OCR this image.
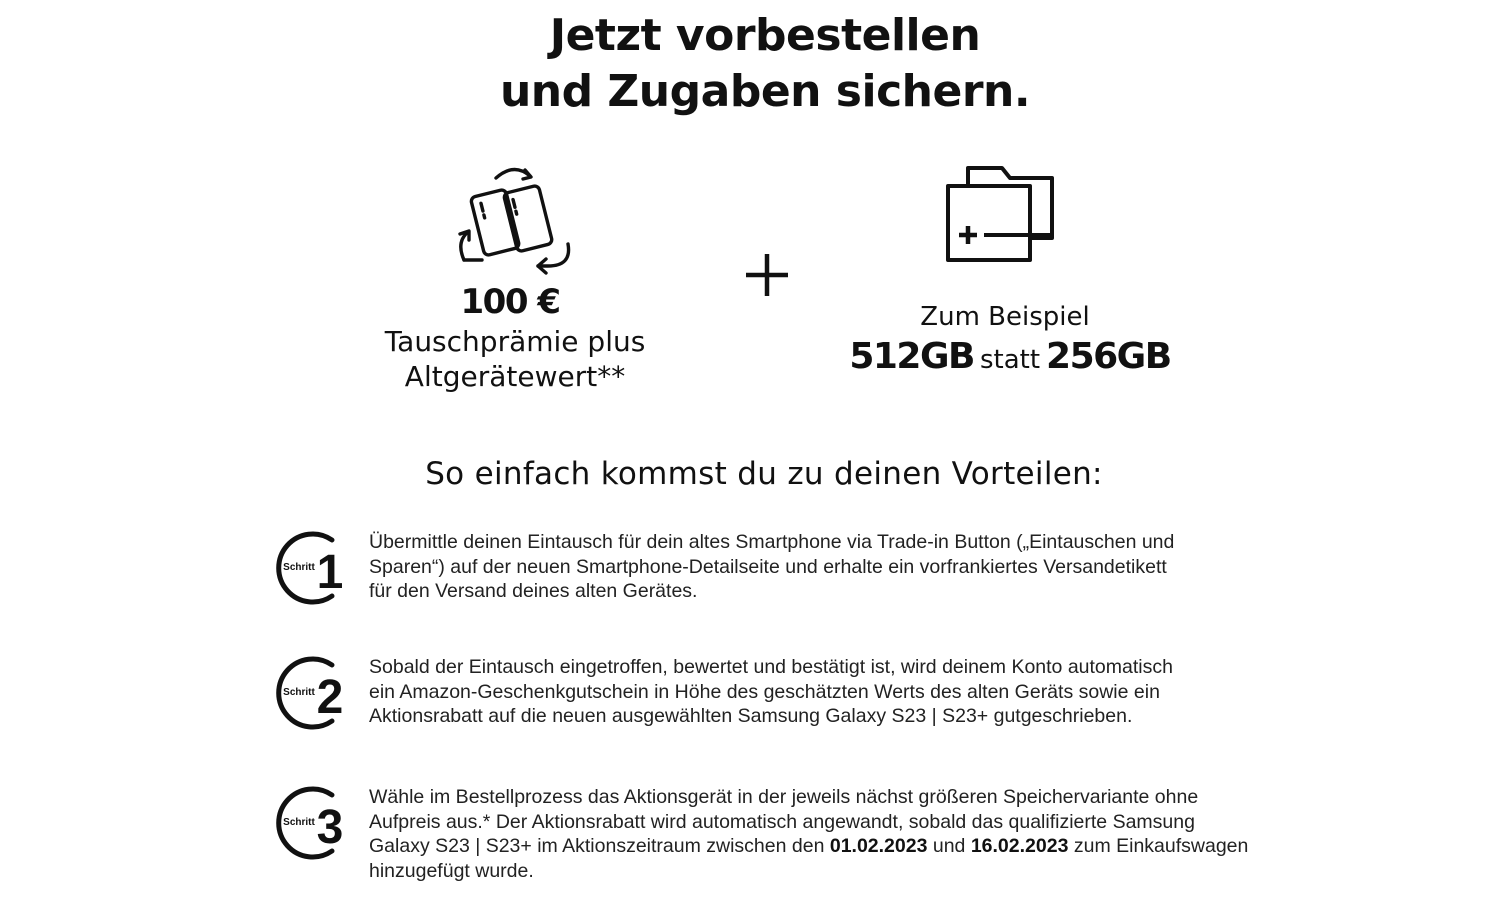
Jetzt vorbestellen
und Zugaben sichern.
100 €
Tauschprämie plus
Altgerätewert**
Zum Beispiel
512GB statt 256GB
So einfach kommst du zu deinen Vorteilen:
Schritt 1
Übermittle deinen Eintausch für dein altes Smartphone via Trade-in Button („Eintauschen und
Sparen“) auf der neuen Smartphone-Detailseite und erhalte ein vorfrankiertes Versandetikett
für den Versand deines alten Gerätes.
Schritt 2
Sobald der Eintausch eingetroffen, bewertet und bestätigt ist, wird deinem Konto automatisch
ein Amazon-Geschenkgutschein in Höhe des geschätzten Werts des alten Geräts sowie ein
Aktionsrabatt auf die neuen ausgewählten Samsung Galaxy S23 | S23+ gutgeschrieben.
Schritt 3
Wähle im Bestellprozess das Aktionsgerät in der jeweils nächst größeren Speichervariante ohne
Aufpreis aus.* Der Aktionsrabatt wird automatisch angewandt, sobald das qualifizierte Samsung
Galaxy S23 | S23+ im Aktionszeitraum zwischen den 01.02.2023 und 16.02.2023 zum Einkaufswagen
hinzugefügt wurde.
